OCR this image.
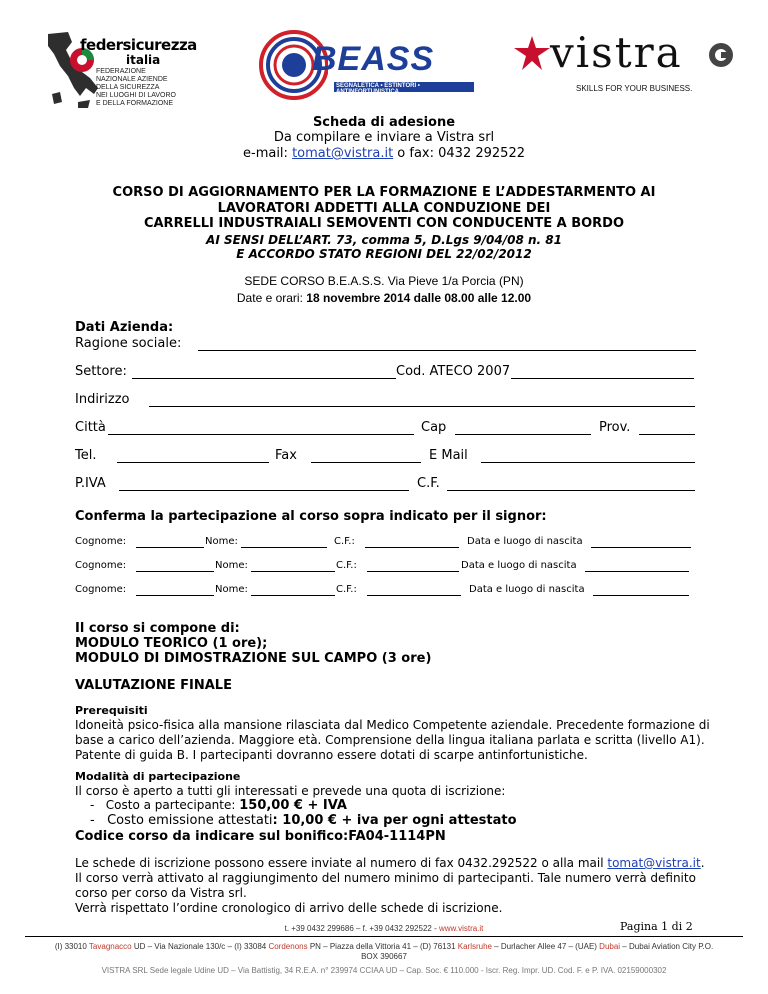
federsicurezza
italia
FEDERAZIONE
NAZIONALE AZIENDE
DELLA SICUREZZA
NEI LUOGHI DI LAVORO
E DELLA FORMAZIONE
BEASS
SEGNALETICA • ESTINTORI • ANTINFORTUNISTICA
vistra
SKILLS FOR YOUR BUSINESS.
Scheda di adesione
Da compilare e inviare a Vistra srl
e-mail: tomat@vistra.it o fax: 0432 292522
CORSO DI AGGIORNAMENTO PER LA FORMAZIONE E L’ADDESTARMENTO AI
LAVORATORI ADDETTI ALLA CONDUZIONE DEI
CARRELLI INDUSTRAIALI SEMOVENTI CON CONDUCENTE A BORDO
AI SENSI DELL’ART. 73, comma 5, D.Lgs 9/04/08 n. 81
E ACCORDO STATO REGIONI DEL 22/02/2012
SEDE CORSO B.E.A.S.S. Via Pieve 1/a Porcia (PN)
Date e orari: 18 novembre 2014 dalle 08.00 alle 12.00
Dati Azienda:
Ragione sociale:
Settore:	Cod. ATECO 2007
Indirizzo
Città	Cap	Prov.
Tel.	Fax	E Mail
P.IVA	C.F.
Conferma la partecipazione al corso sopra indicato per il signor:
Cognome:	Nome:	C.F.:	Data e luogo di nascita
Cognome:	Nome:	C.F.:	Data e luogo di nascita
Cognome:	Nome:	C.F.:	Data e luogo di nascita
Il corso si compone di:
MODULO TEORICO (1 ore);
MODULO DI DIMOSTRAZIONE SUL CAMPO (3 ore)
VALUTAZIONE FINALE
Prerequisiti
Idoneità psico-fisica alla mansione rilasciata dal Medico Competente aziendale. Precedente formazione di
base a carico dell’azienda. Maggiore età. Comprensione della lingua italiana parlata e scritta (livello A1).
Patente di guida B. I partecipanti dovranno essere dotati di scarpe antinfortunistiche.
Modalità di partecipazione
Il corso è aperto a tutti gli interessati e prevede una quota di iscrizione:
-   Costo a partecipante: 150,00 € + IVA
-   Costo emissione attestati: 10,00 € + iva per ogni attestato
Codice corso da indicare sul bonifico:FA04-1114PN
Le schede di iscrizione possono essere inviate al numero di fax 0432.292522 o alla mail tomat@vistra.it.
Il corso verrà attivato al raggiungimento del numero minimo di partecipanti. Tale numero verrà definito
corso per corso da Vistra srl.
Verrà rispettato l’ordine cronologico di arrivo delle schede di iscrizione.
t. +39 0432 299686 – f. +39 0432 292522 - www.vistra.it	Pagina 1 di 2
(I) 33010 Tavagnacco UD – Via Nazionale 130/c – (I) 33084 Cordenons PN – Piazza della Vittoria 41 – (D) 76131 Karlsruhe – Durlacher Allee 47 – (UAE) Dubai – Dubai Aviation City P.O.
BOX 390667
VISTRA SRL Sede legale Udine UD – Via Battistig, 34 R.E.A. n° 239974 CCIAA UD – Cap. Soc. € 110.000 - Iscr. Reg. Impr. UD. Cod. F. e P. IVA. 02159000302
